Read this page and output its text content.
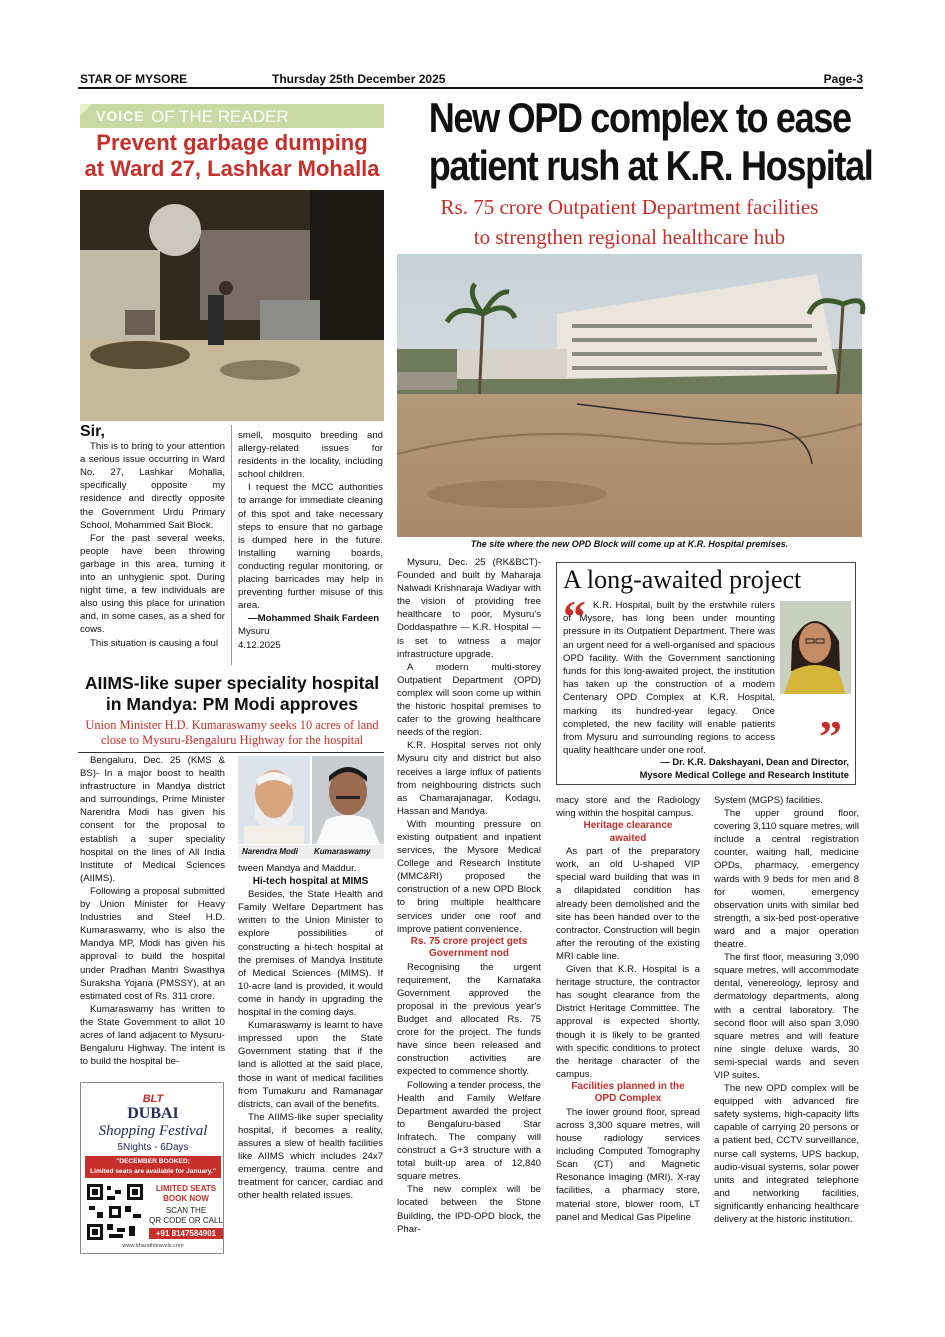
STAR OF MYSORE	Thursday 25th December 2025	Page-3
VOICE OF THE READER
Prevent garbage dumping
at Ward 27, Lashkar Mohalla

Sir,

This is to bring to your attention a serious issue occurring in Ward No. 27, Lashkar Mohalla, specifically opposite my residence and directly opposite the Government Urdu Primary School, Mohammed Sait Block.

For the past several weeks, people have been throwing garbage in this area, turning it into an unhygienic spot. During night time, a few individuals are also using this place for urination and, in some cases, as a shed for cows.

This situation is causing a foul

smell, mosquito breeding and allergy-related issues for residents in the locality, including school children.

I request the MCC authorities to arrange for immediate cleaning of this spot and take necessary steps to ensure that no garbage is dumped here in the future. Installing warning boards, conducting regular monitoring, or placing barricades may help in preventing further misuse of this area.

—Mohammed Shaik Fardeen

Mysuru

4.12.2025

AIIMS-like super speciality hospital
in Mandya: PM Modi approves
Union Minister H.D. Kumaraswamy seeks 10 acres of land
close to Mysuru-Bengaluru Highway for the hospital

Bengaluru, Dec. 25 (KMS & BS)- In a major boost to health infrastructure in Mandya district and surroundings, Prime Minister Narendra Modi has given his consent for the proposal to establish a super speciality hospital on the lines of All India Institute of Medical Sciences (AIIMS).

Following a proposal submitted by Union Minister for Heavy Industries and Steel H.D. Kumaraswamy, who is also the Mandya MP, Modi has given his approval to build the hospital under Pradhan Mantri Swasthya Suraksha Yojana (PMSSY), at an estimated cost of Rs. 311 crore.

Kumaraswamy has written to the State Government to allot 10 acres of land adjacent to Mysuru-Bengaluru Highway. The intent is to build the hospital be-

Narendra Modi Kumaraswamy

tween Mandya and Maddur.

Hi-tech hospital at MIMS

Besides, the State Health and Family Welfare Department has written to the Union Minister to explore possibilities of constructing a hi-tech hospital at the premises of Mandya Institute of Medical Sciences (MIMS). If 10-acre land is provided, it would come in handy in upgrading the hospital in the coming days.

Kumaraswamy is learnt to have impressed upon the State Government stating that if the land is allotted at the said place, those in want of medical facilities from Tumakuru and Ramanagar districts, can avail of the benefits.

The AIIMS-like super speciality hospital, if becomes a reality, assures a slew of health facilities like AIIMS which includes 24x7 emergency, trauma centre and treatment for cancer, cardiac and other health related issues.

BLT
DUBAI
Shopping Festival
5Nights - 6Days
"DECEMBER BOOKED;
Limited seats are available for January."
LIMITED SEATS
BOOK NOW
SCAN THE
QR CODE OR CALL
+91 8147584901
www.bharathitravels.com
New OPD complex to ease
patient rush at K.R. Hospital
Rs. 75 crore Outpatient Department facilities
to strengthen regional healthcare hub
The site where the new OPD Block will come up at K.R. Hospital premises.

Mysuru, Dec. 25 (RK&BCT)- Founded and built by Maharaja Nalwadi Krishnaraja Wadiyar with the vision of providing free healthcare to poor, Mysuru's Doddaspathre — K.R. Hospital — is set to witness a major infrastructure upgrade.

A modern multi-storey Outpatient Department (OPD) complex will soon come up within the historic hospital premises to cater to the growing healthcare needs of the region.

K.R. Hospital serves not only Mysuru city and district but also receives a large influx of patients from neighbouring districts such as Chamarajanagar, Kodagu, Hassan and Mandya.

With mounting pressure on existing outpatient and inpatient services, the Mysore Medical College and Research Institute (MMC&RI) proposed the construction of a new OPD Block to bring multiple healthcare services under one roof and improve patient convenience.

Rs. 75 crore project gets
Government nod

Recognising the urgent requirement, the Karnataka Government approved the proposal in the previous year's Budget and allocated Rs. 75 crore for the project. The funds have since been released and construction activities are expected to commence shortly.

Following a tender process, the Health and Family Welfare Department awarded the project to Bengaluru-based Star Infratech. The company will construct a G+3 structure with a total built-up area of 12,840 square metres.

The new complex will be located between the Stone Building, the IPD-OPD block, the Phar-

A long-awaited project
“ K.R. Hospital, built by the erstwhile rulers of Mysore, has long been under mounting pressure in its Outpatient Department. There was an urgent need for a well-organised and spacious OPD facility. With the Government sanctioning funds for this long-awaited project, the institution has taken up the construction of a modern Centenary OPD Complex at K.R. Hospital, marking its hundred-year legacy. Once completed, the new facility will enable patients from Mysuru and surrounding regions to access quality healthcare under one roof.	”
— Dr. K.R. Dakshayani, Dean and Director,
Mysore Medical College and Research Institute

macy store and the Radiology wing within the hospital campus.

Heritage clearance
awaited

As part of the preparatory work, an old U-shaped VIP special ward building that was in a dilapidated condition has already been demolished and the site has been handed over to the contractor. Construction will begin after the rerouting of the existing MRI cable line.

Given that K.R. Hospital is a heritage structure, the contractor has sought clearance from the District Heritage Committee. The approval is expected shortly, though it is likely to be granted with specific conditions to protect the heritage character of the campus.

Facilities planned in the
OPD Complex

The lower ground floor, spread across 3,300 square metres, will house radiology services including Computed Tomography Scan (CT) and Magnetic Resonance Imaging (MRI), X-ray facilities, a pharmacy store, material store, blower room, LT panel and Medical Gas Pipeline

System (MGPS) facilities.

The upper ground floor, covering 3,110 square metres, will include a central registration counter, waiting hall, medicine OPDs, pharmacy, emergency wards with 9 beds for men and 8 for women, emergency observation units with similar bed strength, a six-bed post-operative ward and a major operation theatre.

The first floor, measuring 3,090 square metres, will accommodate dental, venereology, leprosy and dermatology departments, along with a central laboratory. The second floor will also span 3,090 square metres and will feature nine single deluxe wards, 30 semi-special wards and seven VIP suites.

The new OPD complex will be equipped with advanced fire safety systems, high-capacity lifts capable of carrying 20 persons or a patient bed, CCTV surveillance, nurse call systems, UPS backup, audio-visual systems, solar power units and integrated telephone and networking facilities, significantly enhancing healthcare delivery at the historic institution.
